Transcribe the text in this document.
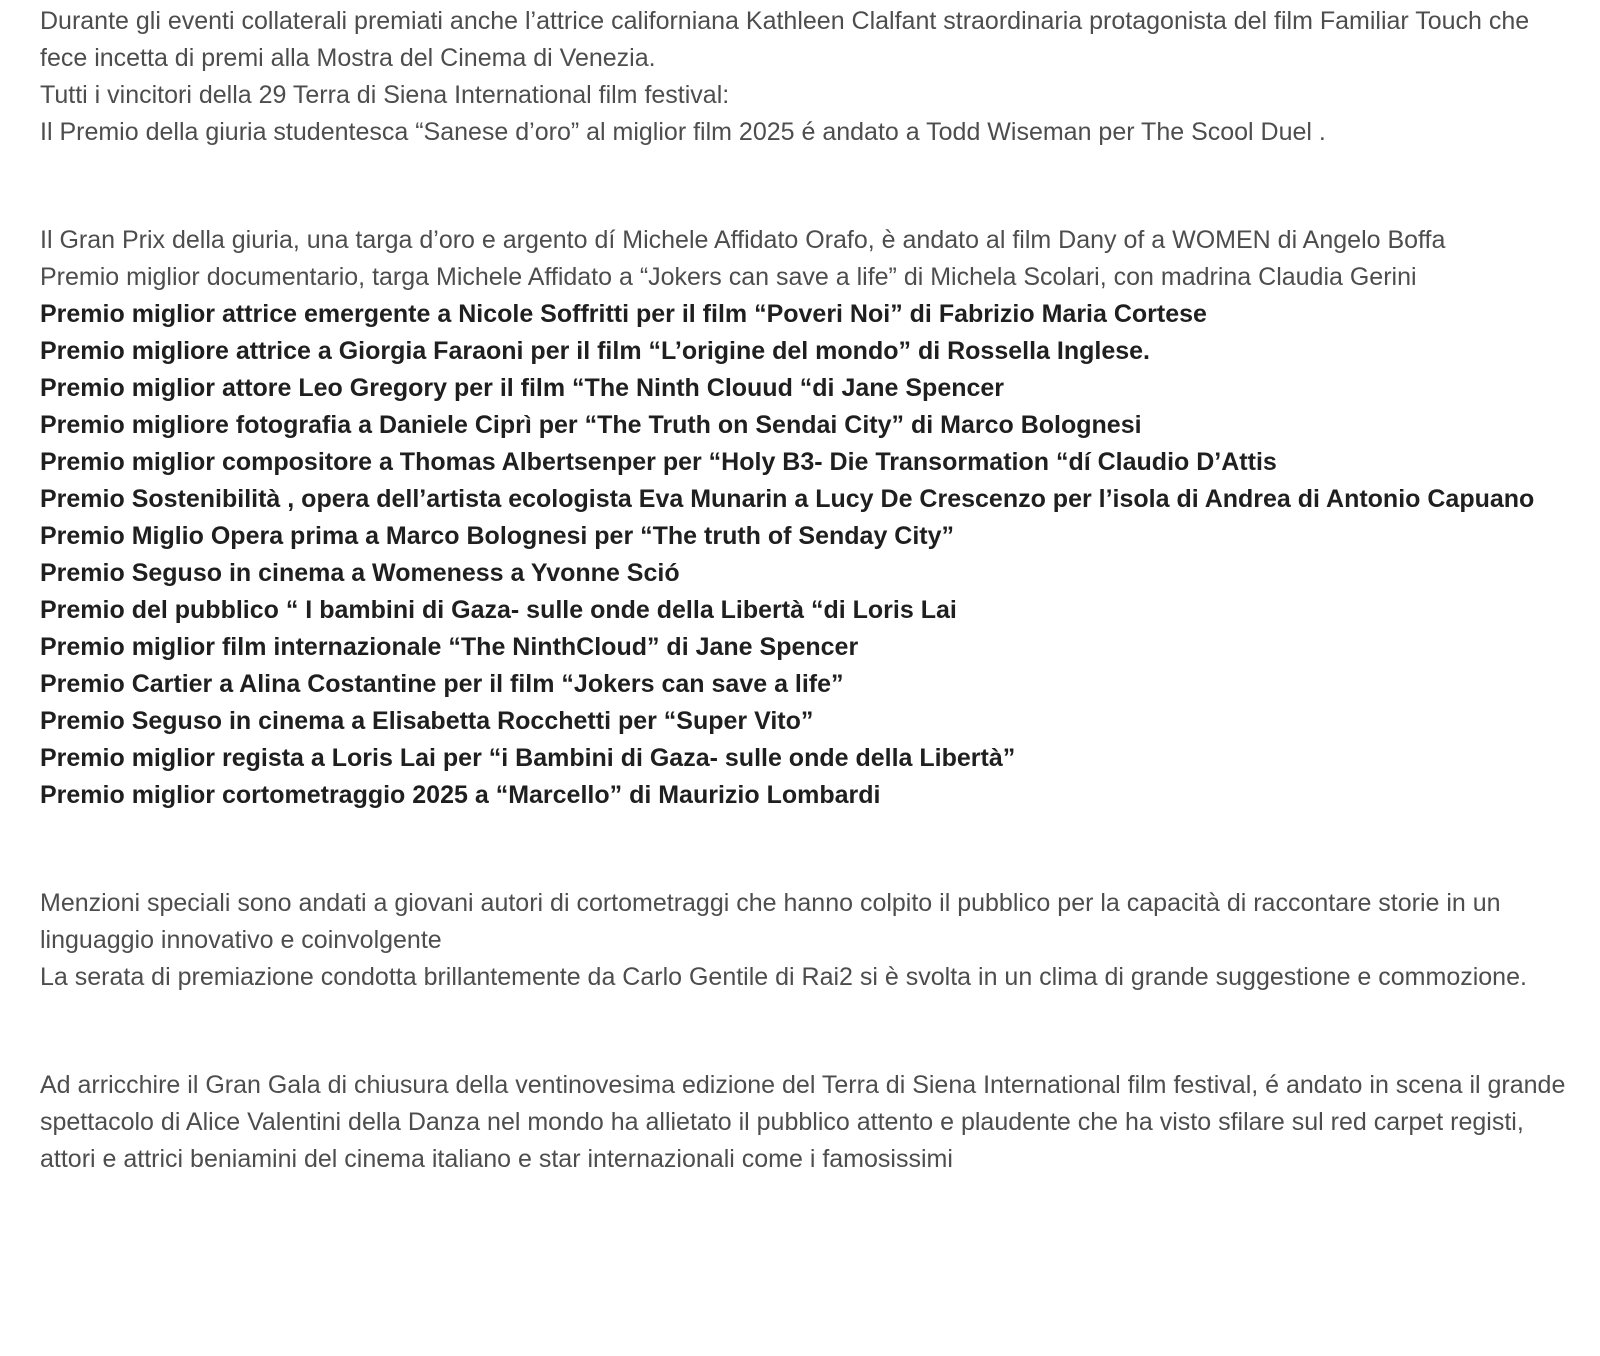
Durante gli eventi collaterali premiati anche l’attrice californiana Kathleen Clalfant straordinaria protagonista del film Familiar Touch che fece incetta di premi alla Mostra del Cinema di Venezia.

Tutti i vincitori della 29 Terra di Siena International film festival:

Il Premio della giuria studentesca “Sanese d’oro” al miglior film 2025 é andato a Todd Wiseman per The Scool Duel .

Il Gran Prix della giuria, una targa d’oro e argento dí Michele Affidato Orafo, è andato al film Dany of a WOMEN di Angelo Boffa

Premio miglior documentario, targa Michele Affidato a “Jokers can save a life” di Michela Scolari, con madrina Claudia Gerini

Premio miglior attrice emergente a Nicole Soffritti per il film “Poveri Noi” di Fabrizio Maria Cortese

Premio migliore attrice a Giorgia Faraoni per il film “L’origine del mondo” di Rossella Inglese.

Premio miglior attore Leo Gregory per il film “The Ninth Clouud “di Jane Spencer

Premio migliore fotografia a Daniele Ciprì per “The Truth on Sendai City” di Marco Bolognesi

Premio miglior compositore a Thomas Albertsenper per “Holy B3- Die Transormation “dí Claudio D’Attis

Premio Sostenibilità , opera dell’artista ecologista Eva Munarin a Lucy De Crescenzo per l’isola di Andrea di Antonio Capuano

Premio Miglio Opera prima a Marco Bolognesi per “The truth of Senday City”

Premio Seguso in cinema a Womeness a Yvonne Sció

Premio del pubblico “ I bambini di Gaza- sulle onde della Libertà “di Loris Lai

Premio miglior film internazionale “The NinthCloud” di Jane Spencer

Premio Cartier a Alina Costantine per il film “Jokers can save a life”

Premio Seguso in cinema a Elisabetta Rocchetti per “Super Vito”

Premio miglior regista a Loris Lai per “i Bambini di Gaza- sulle onde della Libertà”

Premio miglior cortometraggio 2025 a “Marcello” di Maurizio Lombardi

Menzioni speciali sono andati a giovani autori di cortometraggi che hanno colpito il pubblico per la capacità di raccontare storie in un linguaggio innovativo e coinvolgente

La serata di premiazione condotta brillantemente da Carlo Gentile di Rai2 si è svolta in un clima di grande suggestione e commozione.

Ad arricchire il Gran Gala di chiusura della ventinovesima edizione del Terra di Siena International film festival, é andato in scena il grande spettacolo di Alice Valentini della Danza nel mondo ha allietato il pubblico attento e plaudente che ha visto sfilare sul red carpet registi, attori e attrici beniamini del cinema italiano e star internazionali come i famosissimi
